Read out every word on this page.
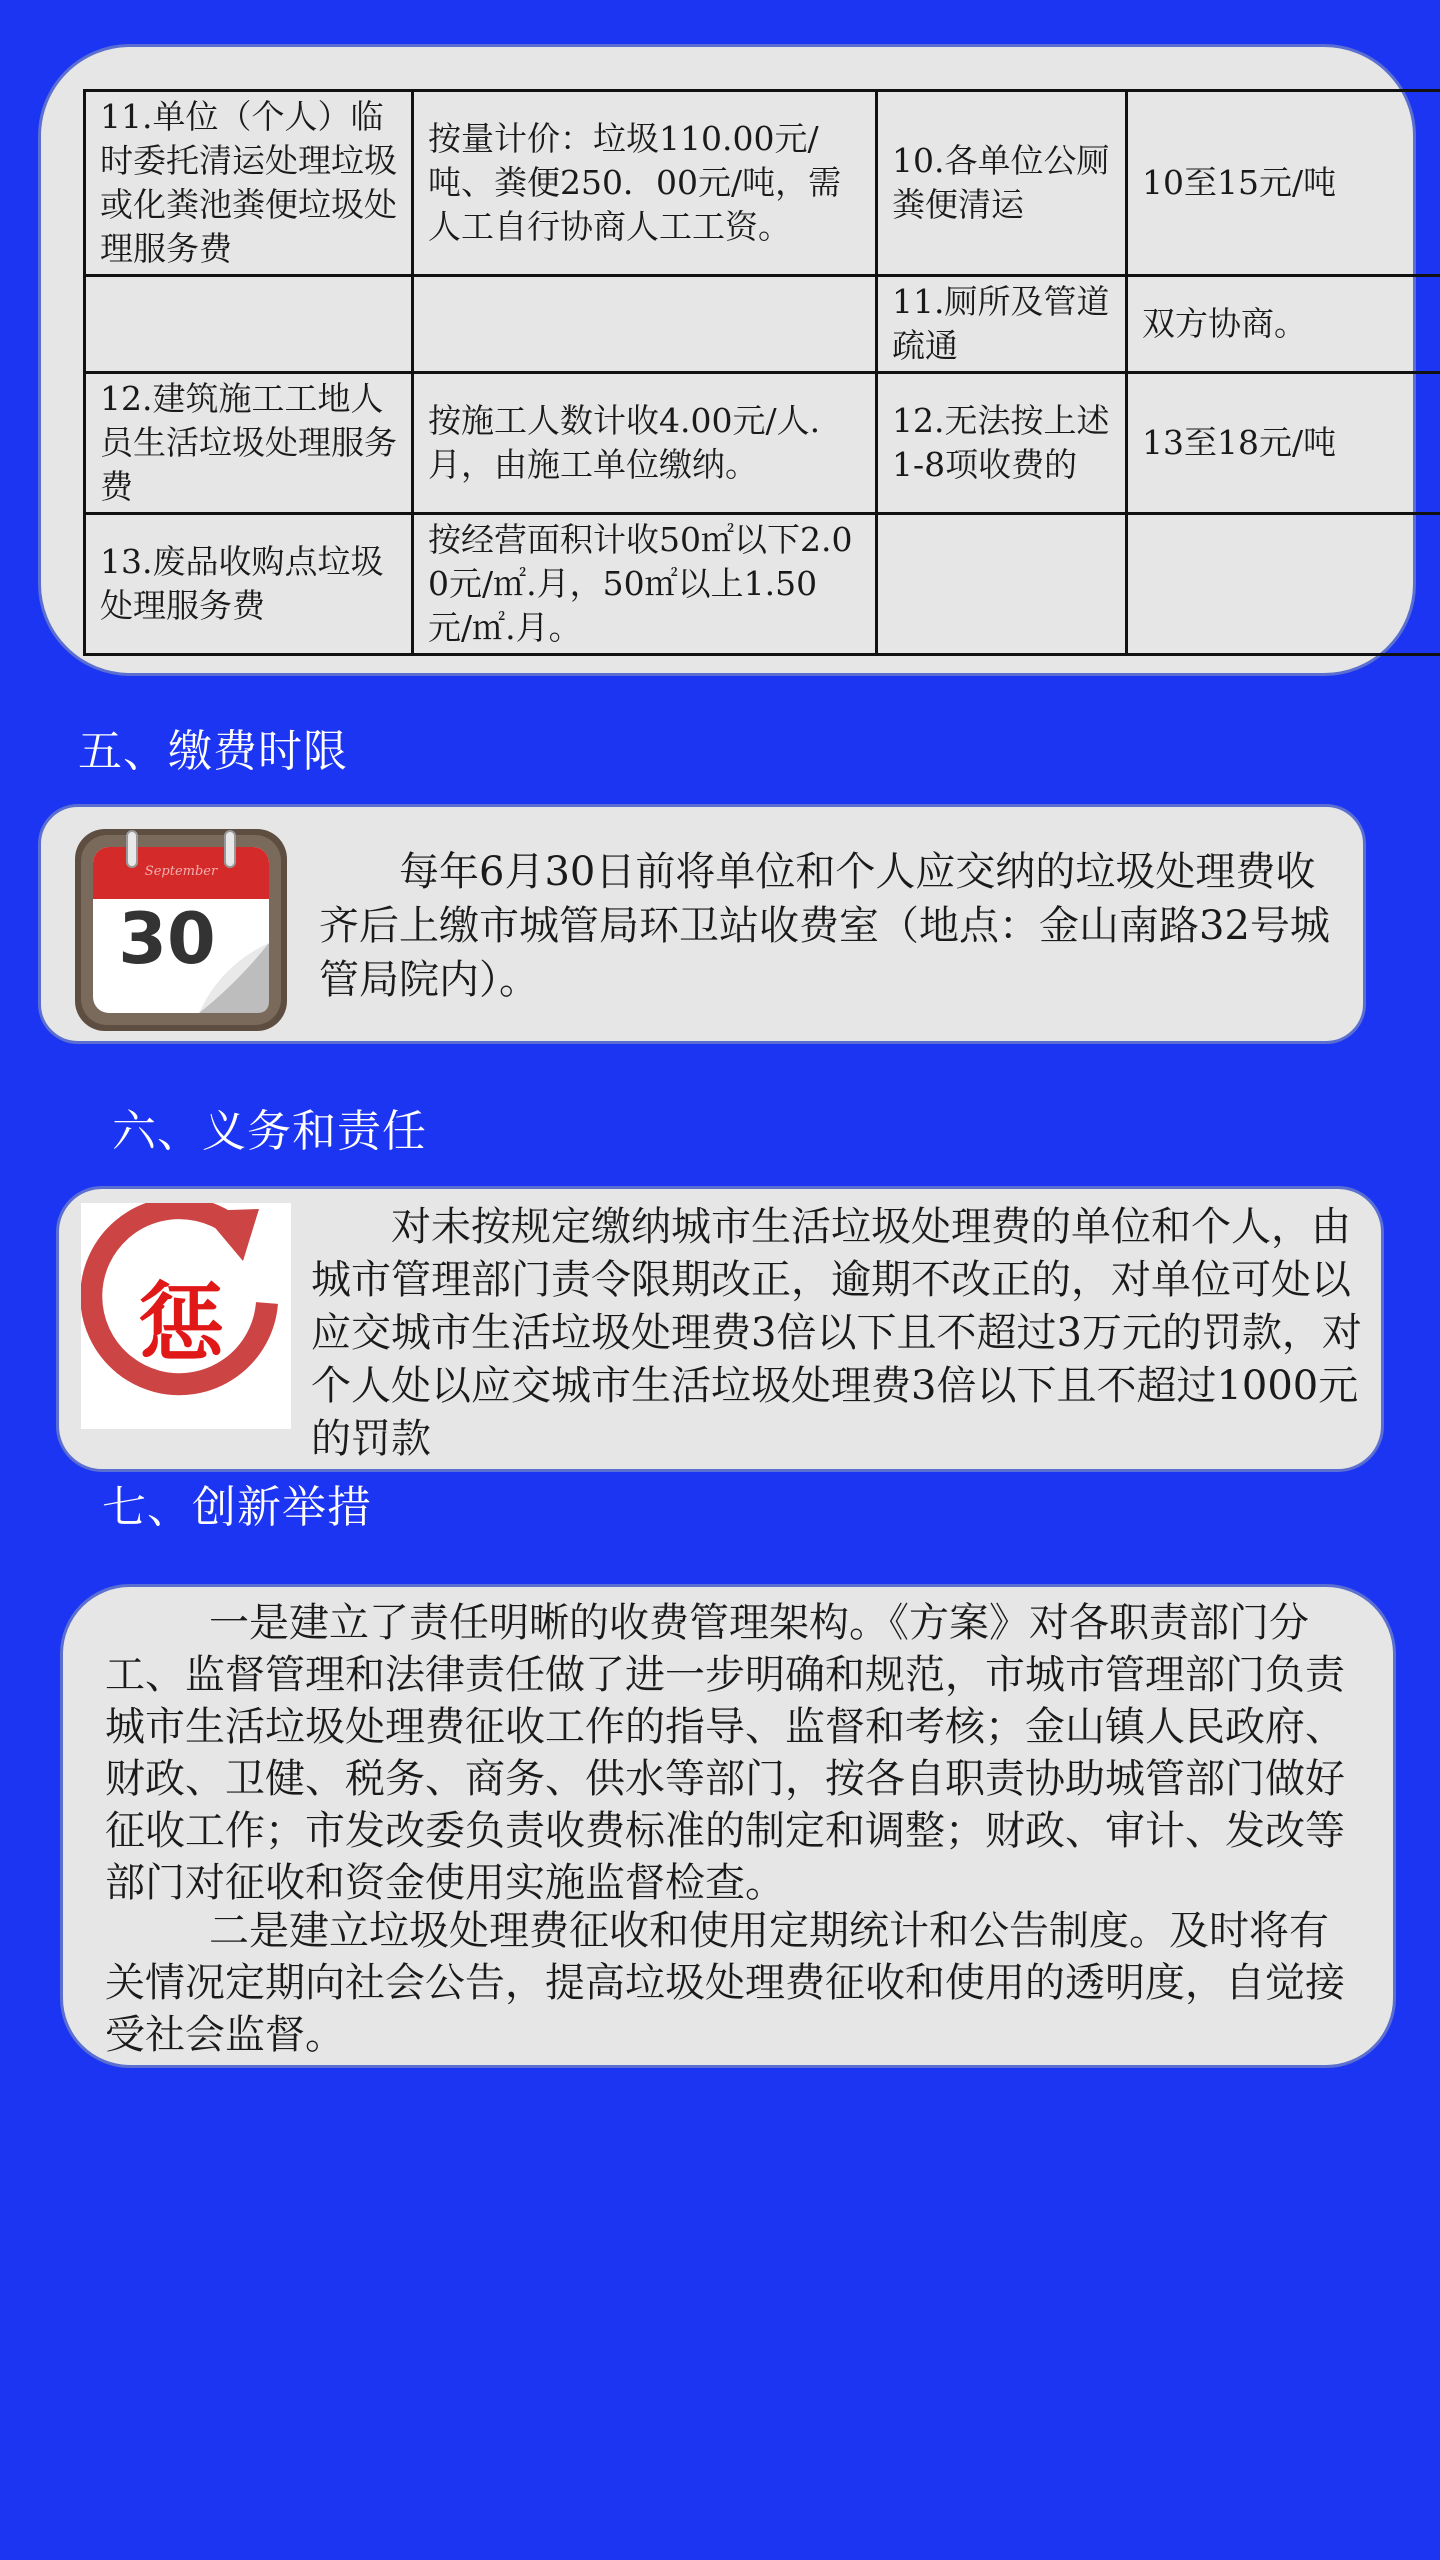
11.单位（个人）临时委托清运处理垃圾或化粪池粪便垃圾处理服务费	按量计价：垃圾110.00元/吨、粪便250．00元/吨，需人工自行协商人工工资。	10.各单位公厕粪便清运	10至15元/吨
		11.厕所及管道疏通	双方协商。
12.建筑施工工地人员生活垃圾处理服务费	按施工人数计收4.00元/人.月，由施工单位缴纳。	12.无法按上述1-8项收费的	13至18元/吨
13.废品收购点垃圾处理服务费	按经营面积计收50㎡以下2.00元/㎡.月，50㎡以上1.50元/㎡.月。		
五、缴费时限
September
30

每年6月30日前将单位和个人应交纳的垃圾处理费收齐后上缴市城管局环卫站收费室（地点：金山南路32号城管局院内）。

六、义务和责任
惩

对未按规定缴纳城市生活垃圾处理费的单位和个人，由城市管理部门责令限期改正，逾期不改正的，对单位可处以应交城市生活垃圾处理费3倍以下且不超过3万元的罚款，对个人处以应交城市生活垃圾处理费3倍以下且不超过1000元的罚款

七、创新举措

一是建立了责任明晰的收费管理架构。《方案》对各职责部门分工、监督管理和法律责任做了进一步明确和规范，市城市管理部门负责城市生活垃圾处理费征收工作的指导、监督和考核；金山镇人民政府、财政、卫健、税务、商务、供水等部门，按各自职责协助城管部门做好征收工作；市发改委负责收费标准的制定和调整；财政、审计、发改等部门对征收和资金使用实施监督检查。

二是建立垃圾处理费征收和使用定期统计和公告制度。及时将有关情况定期向社会公告，提高垃圾处理费征收和使用的透明度，自觉接受社会监督。
